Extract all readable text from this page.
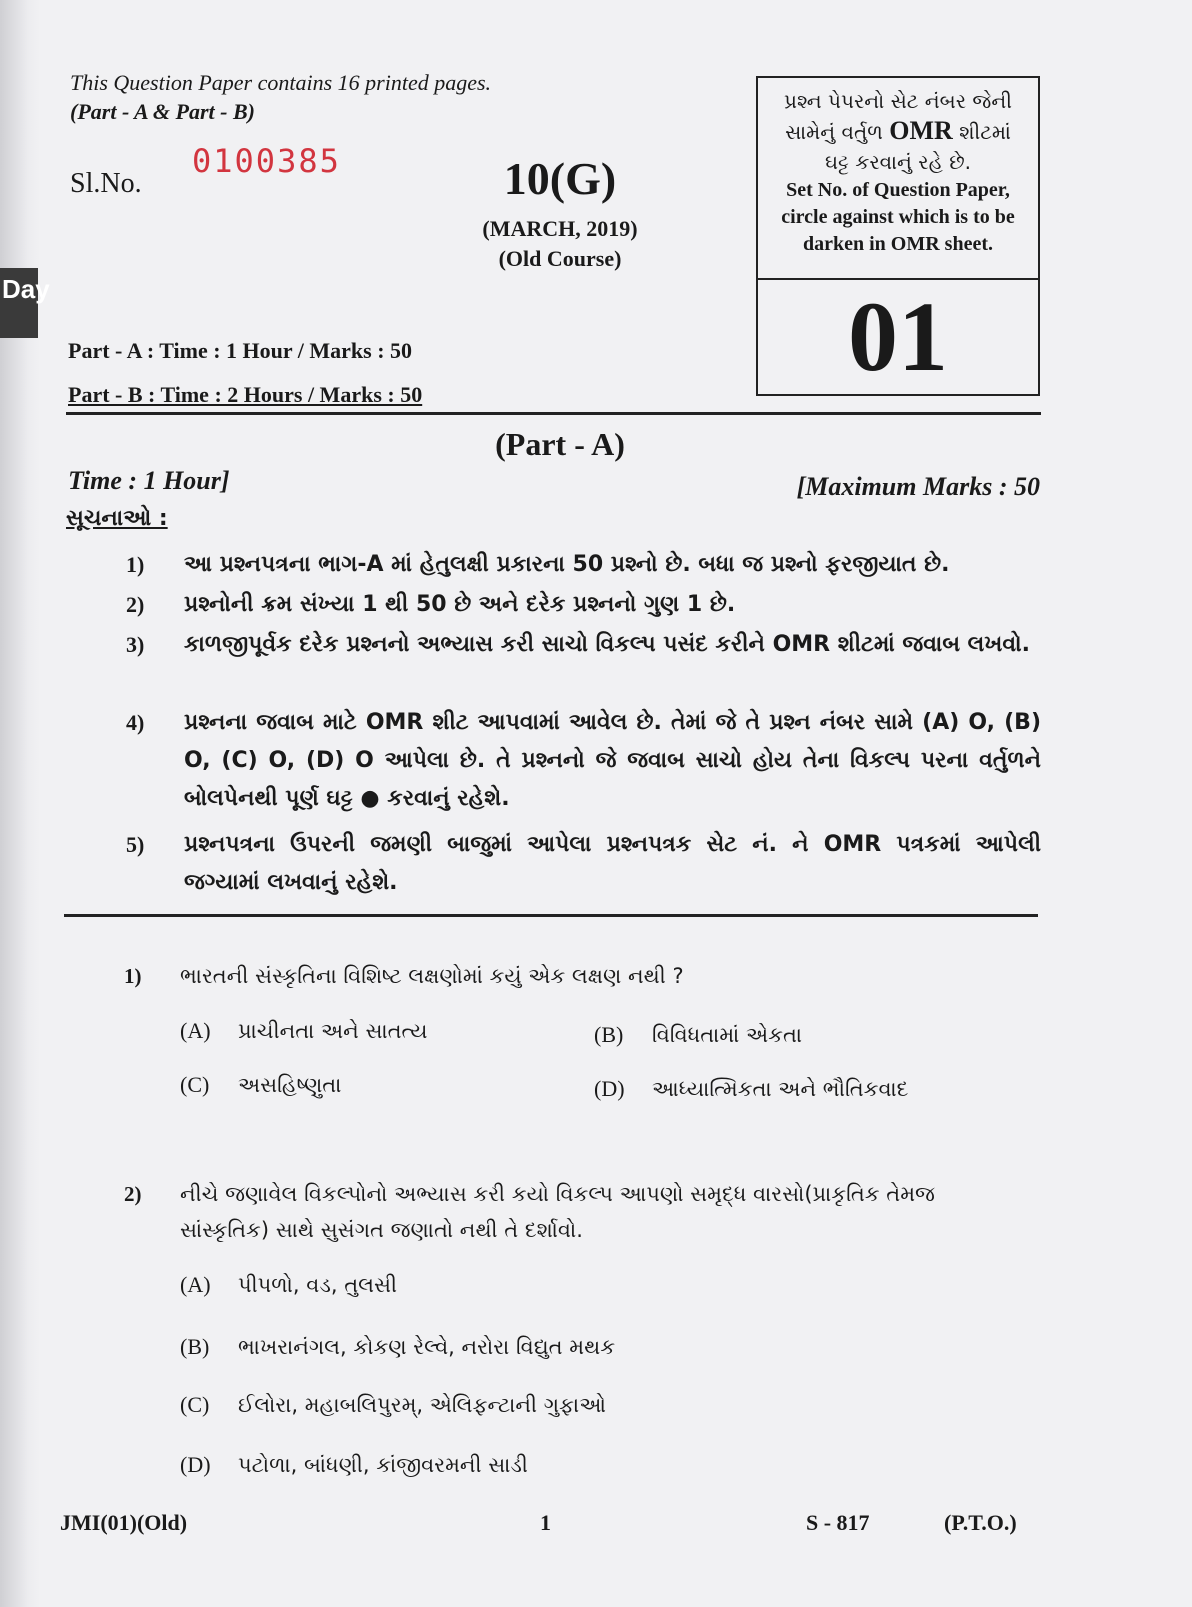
Day
This Question Paper contains 16 printed pages.
(Part - A & Part - B)
Sl.No.
0100385	10(G)
(MARCH, 2019)
(Old Course)
પ્રશ્ન પેપરનો સેટ નંબર જેની
સામેનું વર્તુળ OMR શીટમાં
ઘટ્ટ કરવાનું રહે છે.
Set No. of Question Paper,
circle against which is to be
darken in OMR sheet.
01
Part - A : Time : 1 Hour / Marks : 50
Part - B : Time : 2 Hours / Marks : 50
(Part - A)
Time : 1 Hour]	[Maximum Marks : 50
સૂચનાઓ :
1) આ પ્રશ્નપત્રના ભાગ-A માં હેતુલક્ષી પ્રકારના 50 પ્રશ્નો છે. બધા જ પ્રશ્નો ફરજીયાત છે.
2) પ્રશ્નોની ક્રમ સંખ્યા 1 થી 50 છે અને દરેક પ્રશ્નનો ગુણ 1 છે.
3) કાળજીપૂર્વક દરેક પ્રશ્નનો અભ્યાસ કરી સાચો વિકલ્પ પસંદ કરીને OMR શીટમાં જવાબ લખવો.
4) પ્રશ્નના જવાબ માટે OMR શીટ આપવામાં આવેલ છે. તેમાં જે તે પ્રશ્ન નંબર સામે (A) O, (B) O, (C) O, (D) O આપેલા છે. તે પ્રશ્નનો જે જવાબ સાચો હોય તેના વિકલ્પ પરના વર્તુળને બોલપેનથી પૂર્ણ ઘટ્ટ ● કરવાનું રહેશે.
5) પ્રશ્નપત્રના ઉપરની જમણી બાજુમાં આપેલા પ્રશ્નપત્રક સેટ નં. ને OMR પત્રકમાં આપેલી જગ્યામાં લખવાનું રહેશે.
1) ભારતની સંસ્કૃતિના વિશિષ્ટ લક્ષણોમાં કયું એક લક્ષણ નથી ?
(A) પ્રાચીનતા અને સાતત્ય	(B) વિવિધતામાં એકતા
(C) અસહિષ્ણુતા	(D) આધ્યાત્મિકતા અને ભૌતિકવાદ
2) નીચે જણાવેલ વિકલ્પોનો અભ્યાસ કરી કયો વિકલ્પ આપણો સમૃદ્ધ વારસો(પ્રાકૃતિક તેમજ સાંસ્કૃતિક) સાથે સુસંગત જણાતો નથી તે દર્શાવો.
(A) પીપળો, વડ, તુલસી
(B) ભાખરાનંગલ, કોકણ રેલ્વે, નરોરા વિદ્યુત મથક
(C) ઈલોરા, મહાબલિપુરમ્, એલિફન્ટાની ગુફાઓ
(D) પટોળા, બાંધણી, કાંજીવરમની સાડી
JMI(01)(Old)	1	S - 817	(P.T.O.)
